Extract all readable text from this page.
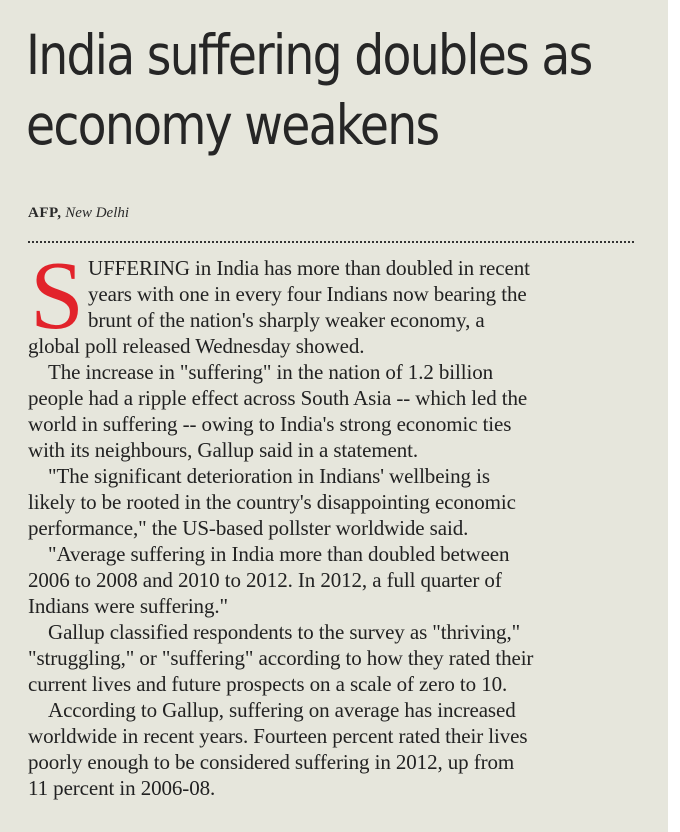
India suffering doubles as
economy weakens
AFP, New Delhi
S UFFERING in India has more than doubled in recent
years with one in every four Indians now bearing the
brunt of the nation's sharply weaker economy, a
global poll released Wednesday showed.
The increase in "suffering" in the nation of 1.2 billion
people had a ripple effect across South Asia -- which led the
world in suffering -- owing to India's strong economic ties
with its neighbours, Gallup said in a statement.
"The significant deterioration in Indians' wellbeing is
likely to be rooted in the country's disappointing economic
performance," the US-based pollster worldwide said.
"Average suffering in India more than doubled between
2006 to 2008 and 2010 to 2012. In 2012, a full quarter of
Indians were suffering."
Gallup classified respondents to the survey as "thriving,"
"struggling," or "suffering" according to how they rated their
current lives and future prospects on a scale of zero to 10.
According to Gallup, suffering on average has increased
worldwide in recent years. Fourteen percent rated their lives
poorly enough to be considered suffering in 2012, up from
11 percent in 2006-08.
